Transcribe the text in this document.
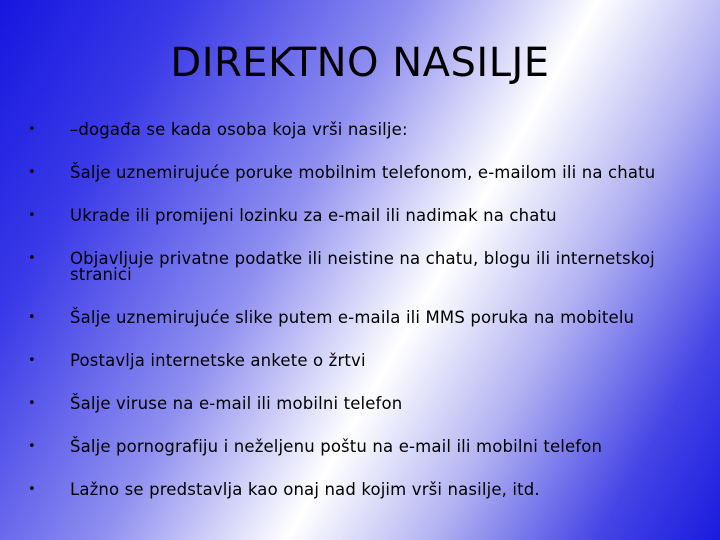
DIREKTNO NASILJE
• –događa se kada osoba koja vrši nasilje:
• Šalje uznemirujuće poruke mobilnim telefonom, e-mailom ili na chatu
• Ukrade ili promijeni lozinku za e-mail ili nadimak na chatu
• Objavljuje privatne podatke ili neistine na chatu, blogu ili internetskoj stranici
• Šalje uznemirujuće slike putem e-maila ili MMS poruka na mobitelu
• Postavlja internetske ankete o žrtvi
• Šalje viruse na e-mail ili mobilni telefon
• Šalje pornografiju i neželjenu poštu na e-mail ili mobilni telefon
• Lažno se predstavlja kao onaj nad kojim vrši nasilje, itd.
